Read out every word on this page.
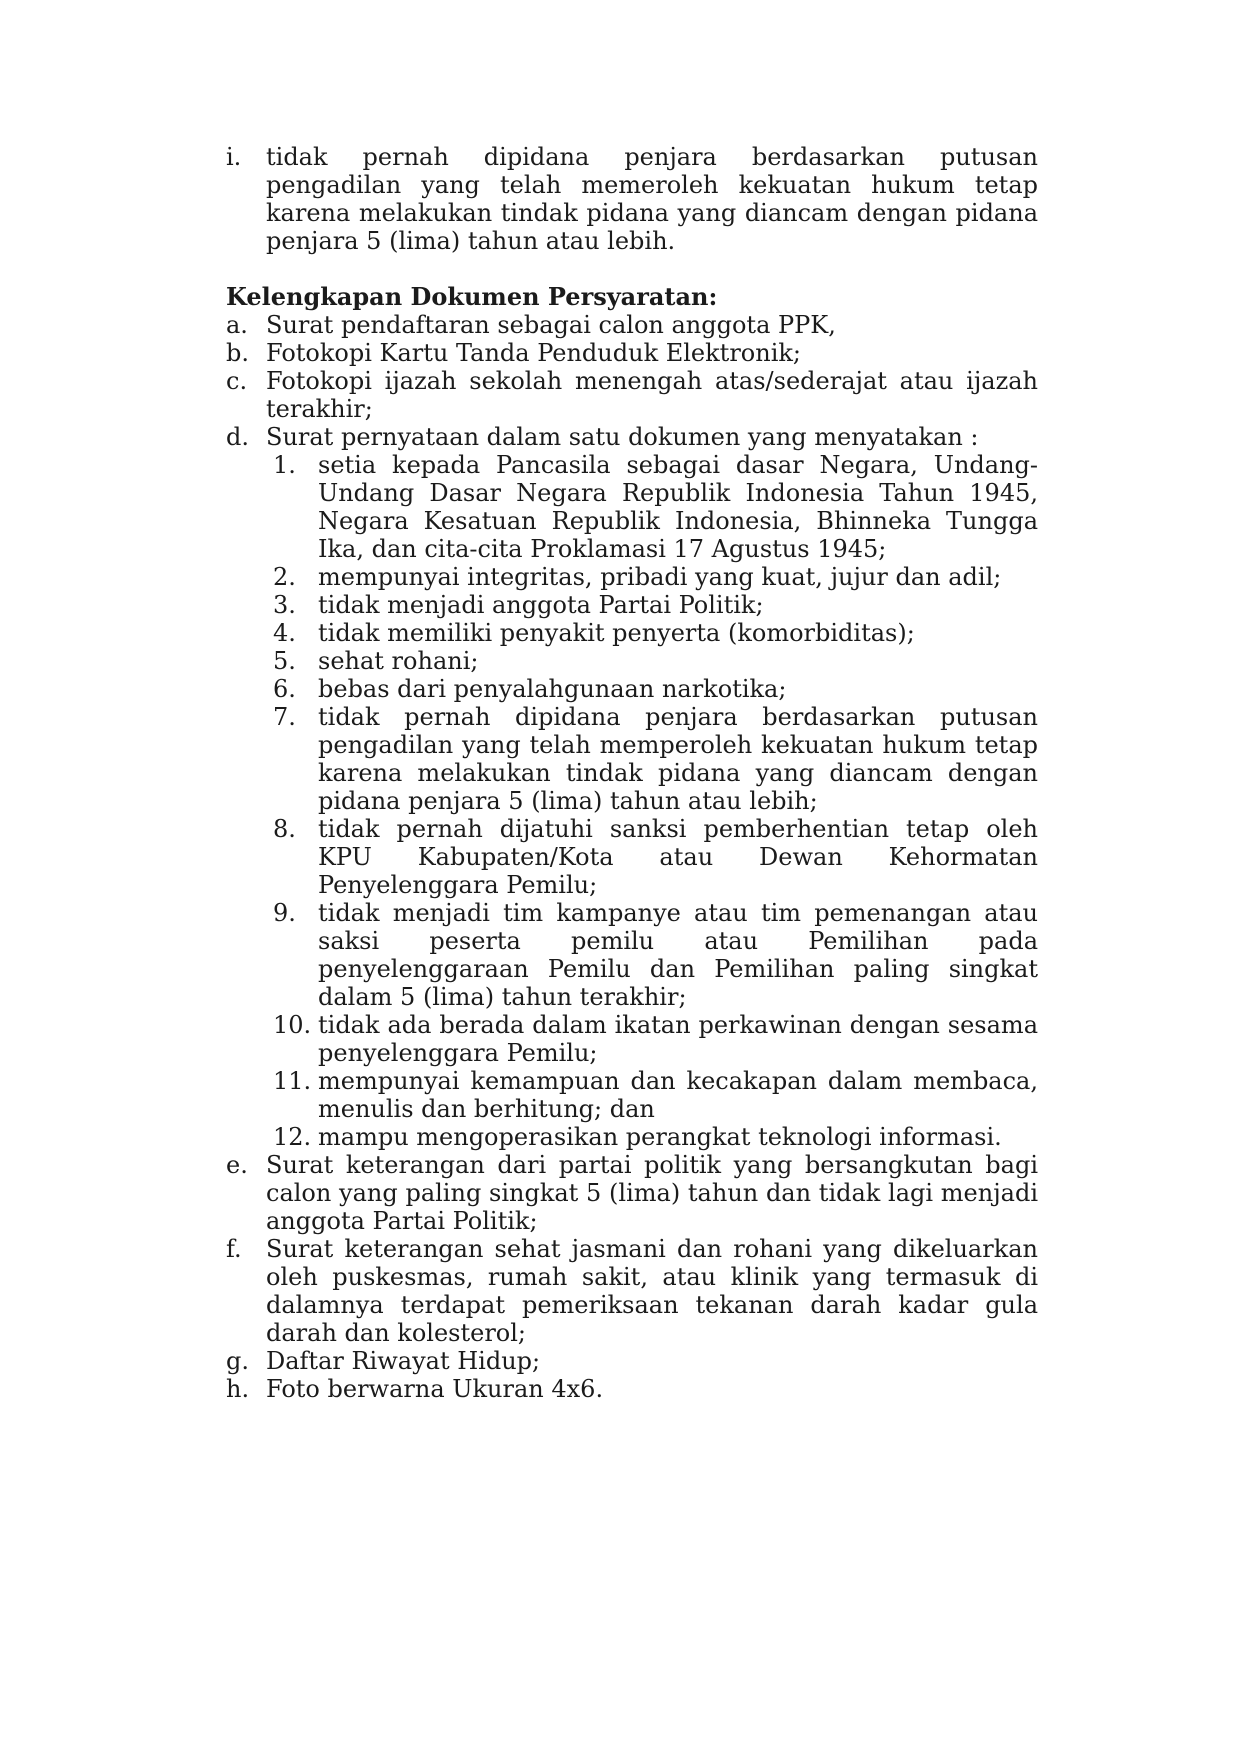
i.	tidak pernah dipidana penjara berdasarkan putusan pengadilan yang telah memeroleh kekuatan hukum tetap karena melakukan tindak pidana yang diancam dengan pidana penjara 5 (lima) tahun atau lebih.
Kelengkapan Dokumen Persyaratan:
a. Surat pendaftaran sebagai calon anggota PPK,
b. Fotokopi Kartu Tanda Penduduk Elektronik;
c. Fotokopi ijazah sekolah menengah atas/sederajat atau ijazah terakhir;
d. Surat pernyataan dalam satu dokumen yang menyatakan :
1. setia kepada Pancasila sebagai dasar Negara, Undang-Undang Dasar Negara Republik Indonesia Tahun 1945, Negara Kesatuan Republik Indonesia, Bhinneka Tungga Ika, dan cita-cita Proklamasi 17 Agustus 1945;
2. mempunyai integritas, pribadi yang kuat, jujur dan adil;
3. tidak menjadi anggota Partai Politik;
4. tidak memiliki penyakit penyerta (komorbiditas);
5. sehat rohani;
6. bebas dari penyalahgunaan narkotika;
7. tidak pernah dipidana penjara berdasarkan putusan pengadilan yang telah memperoleh kekuatan hukum tetap karena melakukan tindak pidana yang diancam dengan pidana penjara 5 (lima) tahun atau lebih;
8. tidak pernah dijatuhi sanksi pemberhentian tetap oleh KPU Kabupaten/Kota atau Dewan Kehormatan Penyelenggara Pemilu;
9. tidak menjadi tim kampanye atau tim pemenangan atau saksi peserta pemilu atau Pemilihan pada penyelenggaraan Pemilu dan Pemilihan paling singkat dalam 5 (lima) tahun terakhir;
10. tidak ada berada dalam ikatan perkawinan dengan sesama penyelenggara Pemilu;
11. mempunyai kemampuan dan kecakapan dalam membaca, menulis dan berhitung; dan
12. mampu mengoperasikan perangkat teknologi informasi.
e. Surat keterangan dari partai politik yang bersangkutan bagi calon yang paling singkat 5 (lima) tahun dan tidak lagi menjadi anggota Partai Politik;
f.	Surat keterangan sehat jasmani dan rohani yang dikeluarkan oleh puskesmas, rumah sakit, atau klinik yang termasuk di dalamnya terdapat pemeriksaan tekanan darah kadar gula darah dan kolesterol;
g. Daftar Riwayat Hidup;
h. Foto berwarna Ukuran 4x6.
